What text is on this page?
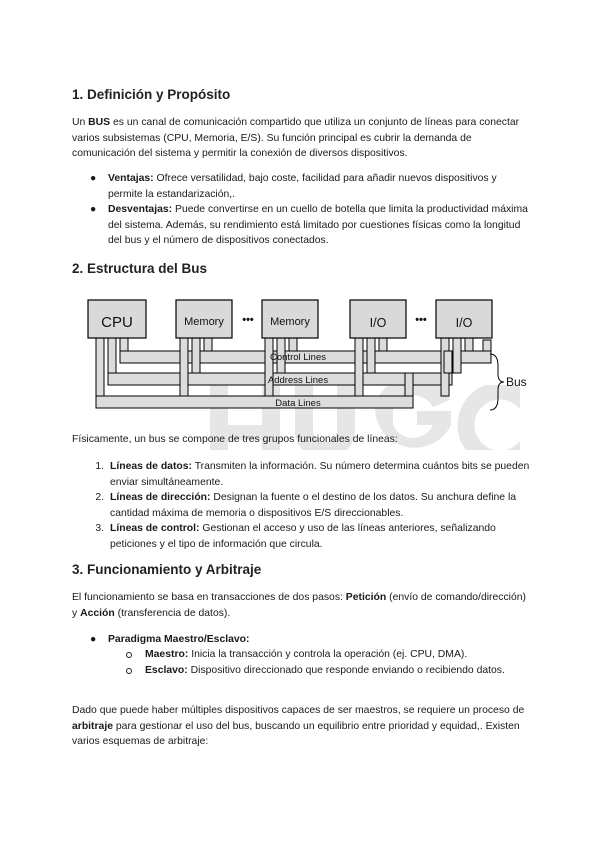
1. Definición y Propósito

Un BUS es un canal de comunicación compartido que utiliza un conjunto de líneas para conectar varios subsistemas (CPU, Memoria, E/S). Su función principal es cubrir la demanda de comunicación del sistema y permitir la conexión de diversos dispositivos.

● Ventajas: Ofrece versatilidad, bajo coste, facilidad para añadir nuevos dispositivos y permite la estandarización,.
● Desventajas: Puede convertirse en un cuello de botella que limita la productividad máxima del sistema. Además, su rendimiento está limitado por cuestiones físicas como la longitud del bus y el número de dispositivos conectados.
2. Estructura del Bus
CPU	Memory	Memory	I/O	I/O
•••	•••
Control Lines
Address Lines
Data Lines
Bus

Físicamente, un bus se compone de tres grupos funcionales de líneas:

1. Líneas de datos: Transmiten la información. Su número determina cuántos bits se pueden enviar simultáneamente.
2. Líneas de dirección: Designan la fuente o el destino de los datos. Su anchura define la cantidad máxima de memoria o dispositivos E/S direccionables.
3. Líneas de control: Gestionan el acceso y uso de las líneas anteriores, señalizando peticiones y el tipo de información que circula.
3. Funcionamiento y Arbitraje

El funcionamiento se basa en transacciones de dos pasos: Petición (envío de comando/dirección) y Acción (transferencia de datos).

● Paradigma Maestro/Esclavo:
Maestro: Inicia la transacción y controla la operación (ej. CPU, DMA).
Esclavo: Dispositivo direccionado que responde enviando o recibiendo datos.

Dado que puede haber múltiples dispositivos capaces de ser maestros, se requiere un proceso de arbitraje para gestionar el uso del bus, buscando un equilibrio entre prioridad y equidad,. Existen varios esquemas de arbitraje:
